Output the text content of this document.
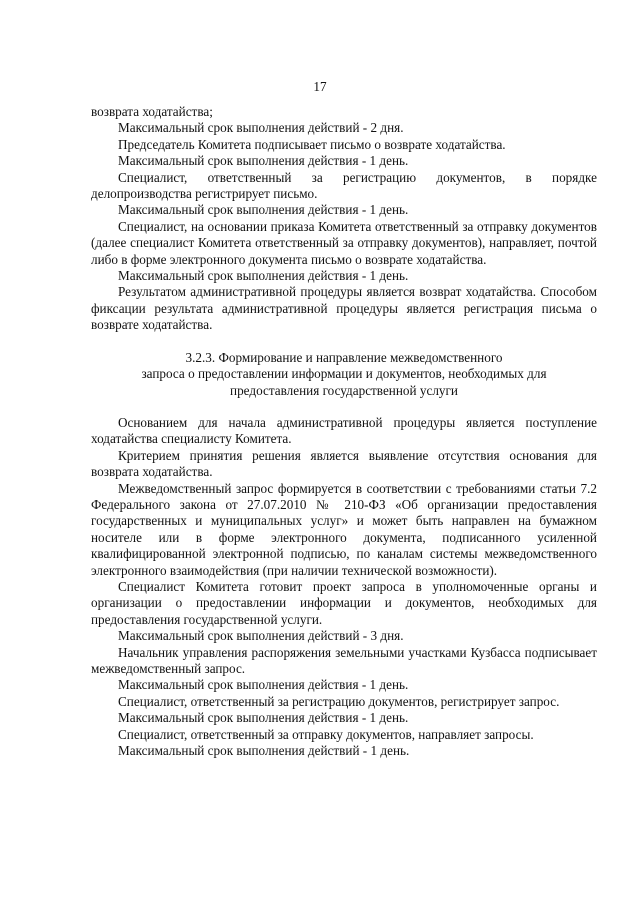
17

возврата ходатайства;

Максимальный срок выполнения действий - 2 дня.

Председатель Комитета подписывает письмо о возврате ходатайства.

Максимальный срок выполнения действия - 1 день.

Специалист, ответственный за регистрацию документов, в порядке делопроизводства регистрирует письмо.

Максимальный срок выполнения действия - 1 день.

Специалист, на основании приказа Комитета ответственный за отправку документов (далее специалист Комитета ответственный за отправку документов), направляет, почтой либо в форме электронного документа письмо о возврате ходатайства.

Максимальный срок выполнения действия - 1 день.

Результатом административной процедуры является возврат ходатайства. Способом фиксации результата административной процедуры является регистрация письма о возврате ходатайства.

3.2.3. Формирование и направление межведомственного

запроса о предоставлении информации и документов, необходимых для

предоставления государственной услуги

Основанием для начала административной процедуры является поступление ходатайства специалисту Комитета.

Критерием принятия решения является выявление отсутствия основания для возврата ходатайства.

Межведомственный запрос формируется в соответствии с требованиями статьи 7.2 Федерального закона от 27.07.2010 № 210-ФЗ «Об организации предоставления государственных и муниципальных услуг» и может быть направлен на бумажном носителе или в форме электронного документа, подписанного усиленной квалифицированной электронной подписью, по каналам системы межведомственного электронного взаимодействия (при наличии технической возможности).

Специалист Комитета готовит проект запроса в уполномоченные органы и организации о предоставлении информации и документов, необходимых для предоставления государственной услуги.

Максимальный срок выполнения действий - 3 дня.

Начальник управления распоряжения земельными участками Кузбасса подписывает межведомственный запрос.

Максимальный срок выполнения действия - 1 день.

Специалист, ответственный за регистрацию документов, регистрирует запрос.

Максимальный срок выполнения действия - 1 день.

Специалист, ответственный за отправку документов, направляет запросы.

Максимальный срок выполнения действий - 1 день.
